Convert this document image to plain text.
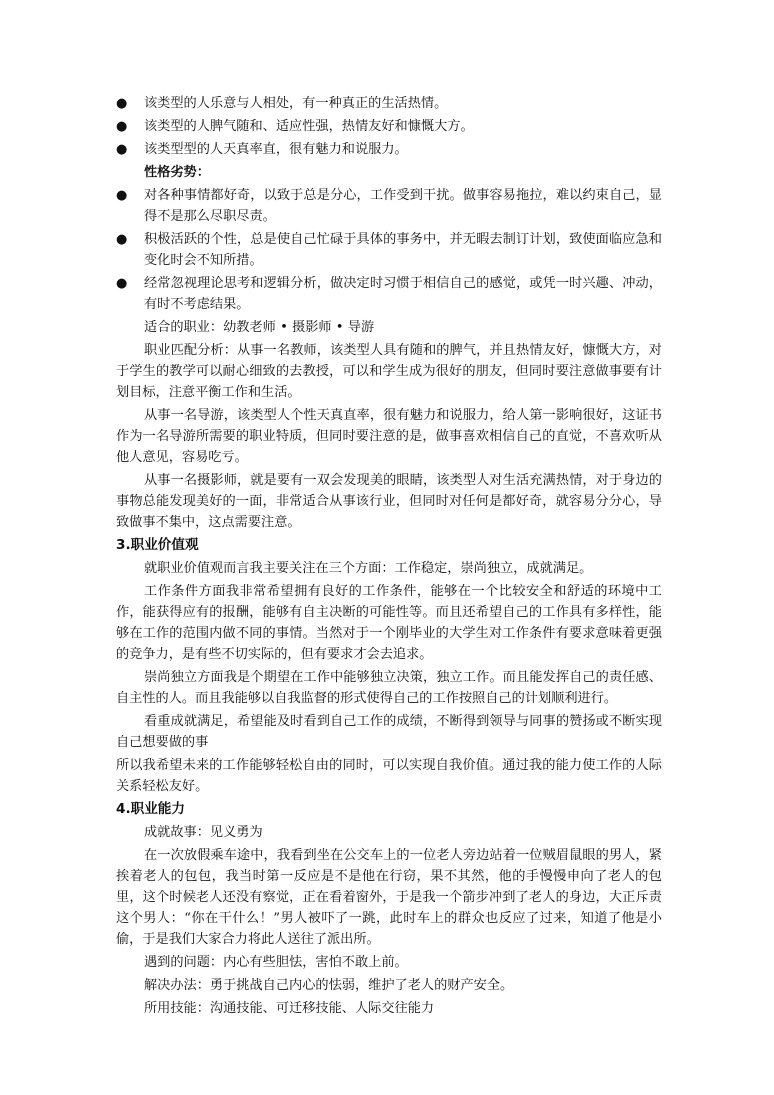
●	该类型的人乐意与人相处，有一种真正的生活热情。
●	该类型的人脾气随和、适应性强，热情友好和慷慨大方。
●	该类型型的人天真率直，很有魅力和说服力。
性格劣势：
●	对各种事情都好奇，以致于总是分心，工作受到干扰。做事容易拖拉，难以约束自己，显得不是那么尽职尽责。
●	积极活跃的个性，总是使自己忙碌于具体的事务中，并无暇去制订计划，致使面临应急和变化时会不知所措。
●	经常忽视理论思考和逻辑分析，做决定时习惯于相信自己的感觉，或凭一时兴趣、冲动，有时不考虑结果。
适合的职业：幼教老师 • 摄影师 • 导游
职业匹配分析：从事一名教师，该类型人具有随和的脾气，并且热情友好，慷慨大方，对于学生的教学可以耐心细致的去教授，可以和学生成为很好的朋友，但同时要注意做事要有计划目标，注意平衡工作和生活。
从事一名导游，该类型人个性天真直率，很有魅力和说服力，给人第一影响很好，这证书作为一名导游所需要的职业特质，但同时要注意的是，做事喜欢相信自己的直觉，不喜欢听从他人意见，容易吃亏。
从事一名摄影师，就是要有一双会发现美的眼睛，该类型人对生活充满热情，对于身边的事物总能发现美好的一面，非常适合从事该行业，但同时对任何是都好奇，就容易分分心，导致做事不集中，这点需要注意。
3.职业价值观
就职业价值观而言我主要关注在三个方面：工作稳定，崇尚独立，成就满足。
工作条件方面我非常希望拥有良好的工作条件，能够在一个比较安全和舒适的环境中工作，能获得应有的报酬，能够有自主决断的可能性等。而且还希望自己的工作具有多样性，能够在工作的范围内做不同的事情。当然对于一个刚毕业的大学生对工作条件有要求意味着更强的竞争力，是有些不切实际的，但有要求才会去追求。
崇尚独立方面我是个期望在工作中能够独立决策，独立工作。而且能发挥自己的责任感、自主性的人。而且我能够以自我监督的形式使得自己的工作按照自己的计划顺利进行。
看重成就满足，希望能及时看到自己工作的成绩，不断得到领导与同事的赞扬或不断实现自己想要做的事
所以我希望未来的工作能够轻松自由的同时，可以实现自我价值。通过我的能力使工作的人际关系轻松友好。
4.职业能力
成就故事：见义勇为
在一次放假乘车途中，我看到坐在公交车上的一位老人旁边站着一位贼眉鼠眼的男人，紧挨着老人的包包，我当时第一反应是不是他在行窃，果不其然，他的手慢慢申向了老人的包里，这个时候老人还没有察觉，正在看着窗外，于是我一个箭步冲到了老人的身边，大正斥责这个男人：“你在干什么！”男人被吓了一跳，此时车上的群众也反应了过来，知道了他是小偷，于是我们大家合力将此人送往了派出所。
遇到的问题：内心有些胆怯，害怕不敢上前。
解决办法：勇于挑战自己内心的怯弱，维护了老人的财产安全。
所用技能：沟通技能、可迁移技能、人际交往能力
